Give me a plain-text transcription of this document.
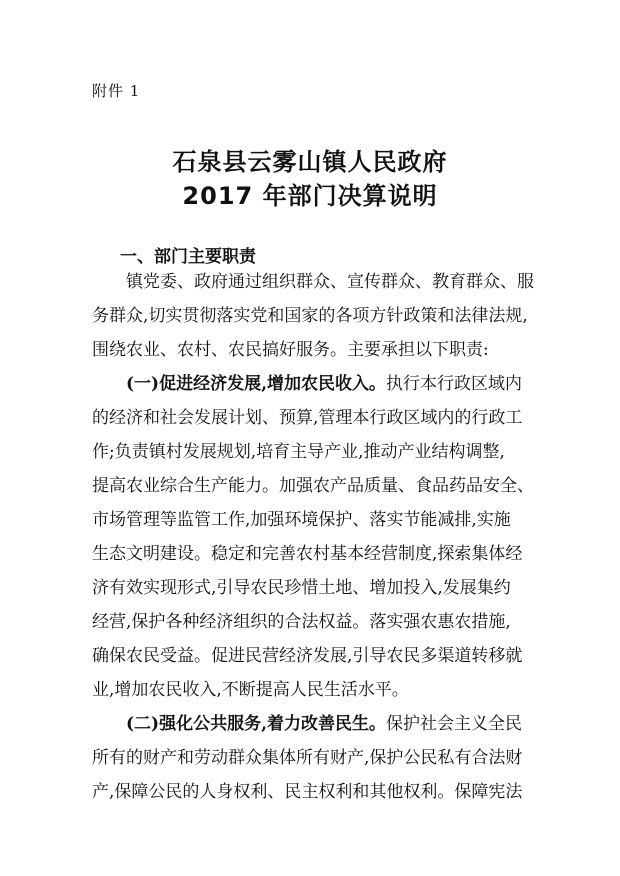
附件 1
石泉县云雾山镇人民政府
2017 年部门决算说明
一、部门主要职责
镇党委、政府通过组织群众、宣传群众、教育群众、服
务群众,切实贯彻落实党和国家的各项方针政策和法律法规,
围绕农业、农村、农民搞好服务。主要承担以下职责:
(一)促进经济发展,增加农民收入。执行本行政区域内
的经济和社会发展计划、预算,管理本行政区域内的行政工
作;负责镇村发展规划,培育主导产业,推动产业结构调整,
提高农业综合生产能力。加强农产品质量、食品药品安全、
市场管理等监管工作,加强环境保护、落实节能减排,实施
生态文明建设。稳定和完善农村基本经营制度,探索集体经
济有效实现形式,引导农民珍惜土地、增加投入,发展集约
经营,保护各种经济组织的合法权益。落实强农惠农措施,
确保农民受益。促进民营经济发展,引导农民多渠道转移就
业,增加农民收入,不断提高人民生活水平。
(二)强化公共服务,着力改善民生。保护社会主义全民
所有的财产和劳动群众集体所有财产,保护公民私有合法财
产,保障公民的人身权利、民主权利和其他权利。保障宪法
